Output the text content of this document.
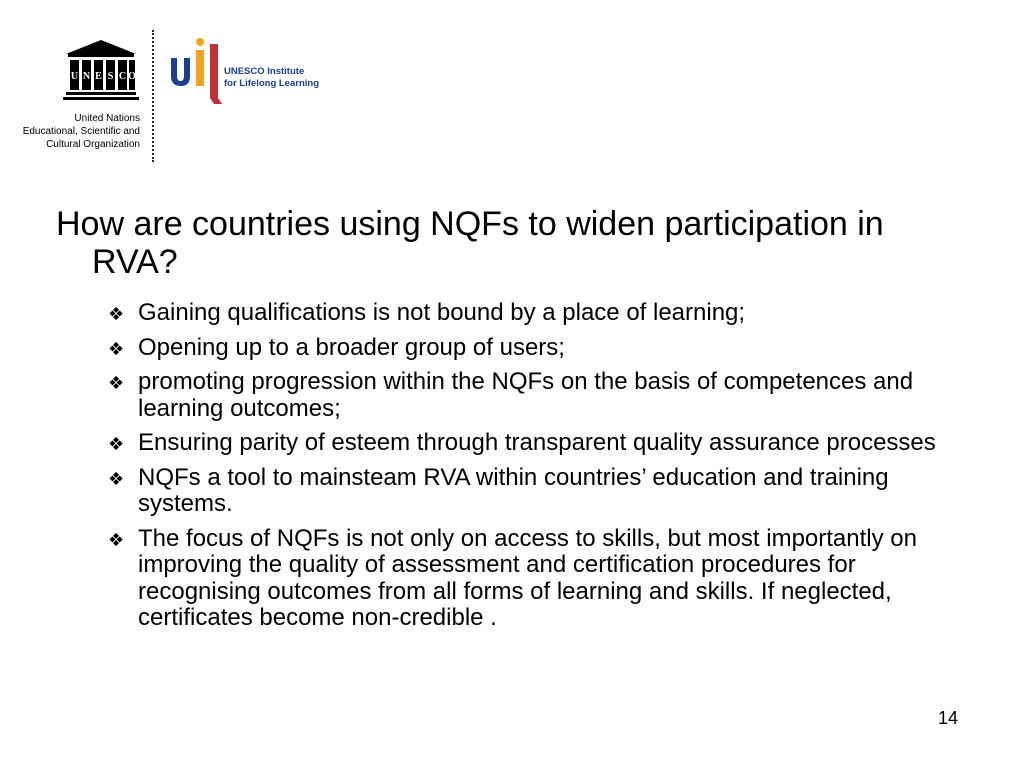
U N E S C O
United Nations
Educational, Scientific and
Cultural Organization
UNESCO Institute
for Lifelong Learning
How are countries using NQFs to widen participation in RVA?
❖ Gaining qualifications is not bound by a place of learning;
❖ Opening up to a broader group of users;
❖ promoting progression within the NQFs on the basis of competences and learning outcomes;
❖ Ensuring parity of esteem through transparent quality assurance processes
❖ NQFs a tool to mainsteam RVA within countries’ education and training systems.
❖ The focus of NQFs is not only on access to skills, but most importantly on improving the quality of assessment and certification procedures for recognising outcomes from all forms of learning and skills. If neglected, certificates become non-credible .
14
